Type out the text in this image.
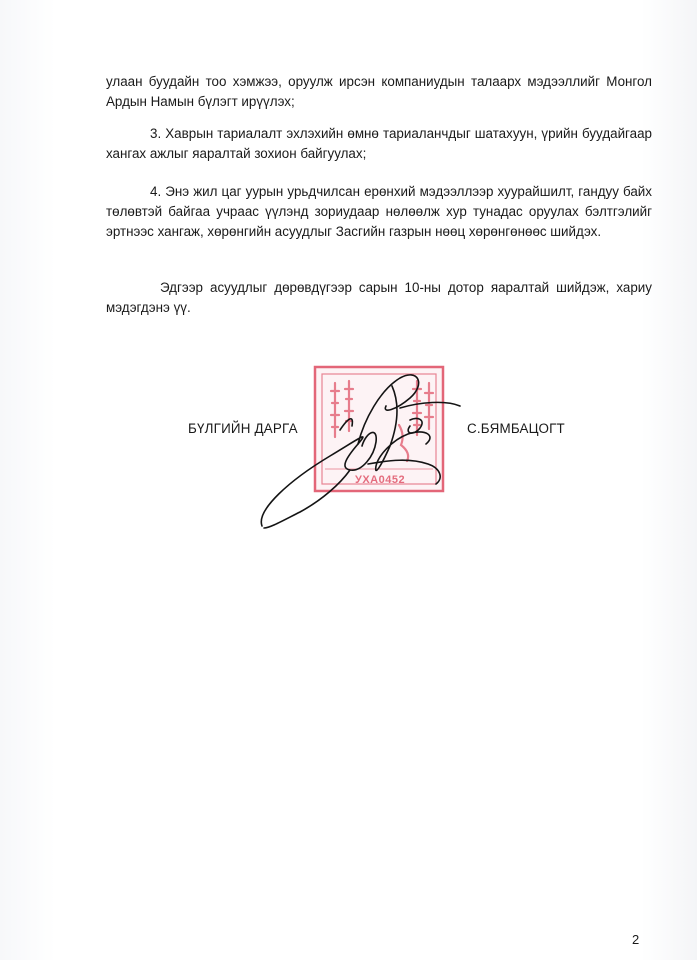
улаан буудайн тоо хэмжээ, оруулж ирсэн компаниудын талаарх мэдээллийг Монгол Ардын Намын бүлэгт ирүүлэх;

3. Хаврын тариалалт эхлэхийн өмнө тариаланчдыг шатахуун, үрийн буудайгаар хангах ажлыг яаралтай зохион байгуулах;

4. Энэ жил цаг уурын урьдчилсан ерөнхий мэдээллээр хуурайшилт, гандуу байх төлөвтэй байгаа учраас үүлэнд зориудаар нөлөөлж хур тунадас оруулах бэлтгэлийг эртнээс хангаж, хөрөнгийн асуудлыг Засгийн газрын нөөц хөрөнгөнөөс шийдэх.

Эдгээр асуудлыг дөрөвдүгээр сарын 10-ны дотор яаралтай шийдэж, хариу мэдэгдэнэ үү.

УХА0452
БҮЛГИЙН ДАРГА	С.БЯМБАЦОГТ
2
